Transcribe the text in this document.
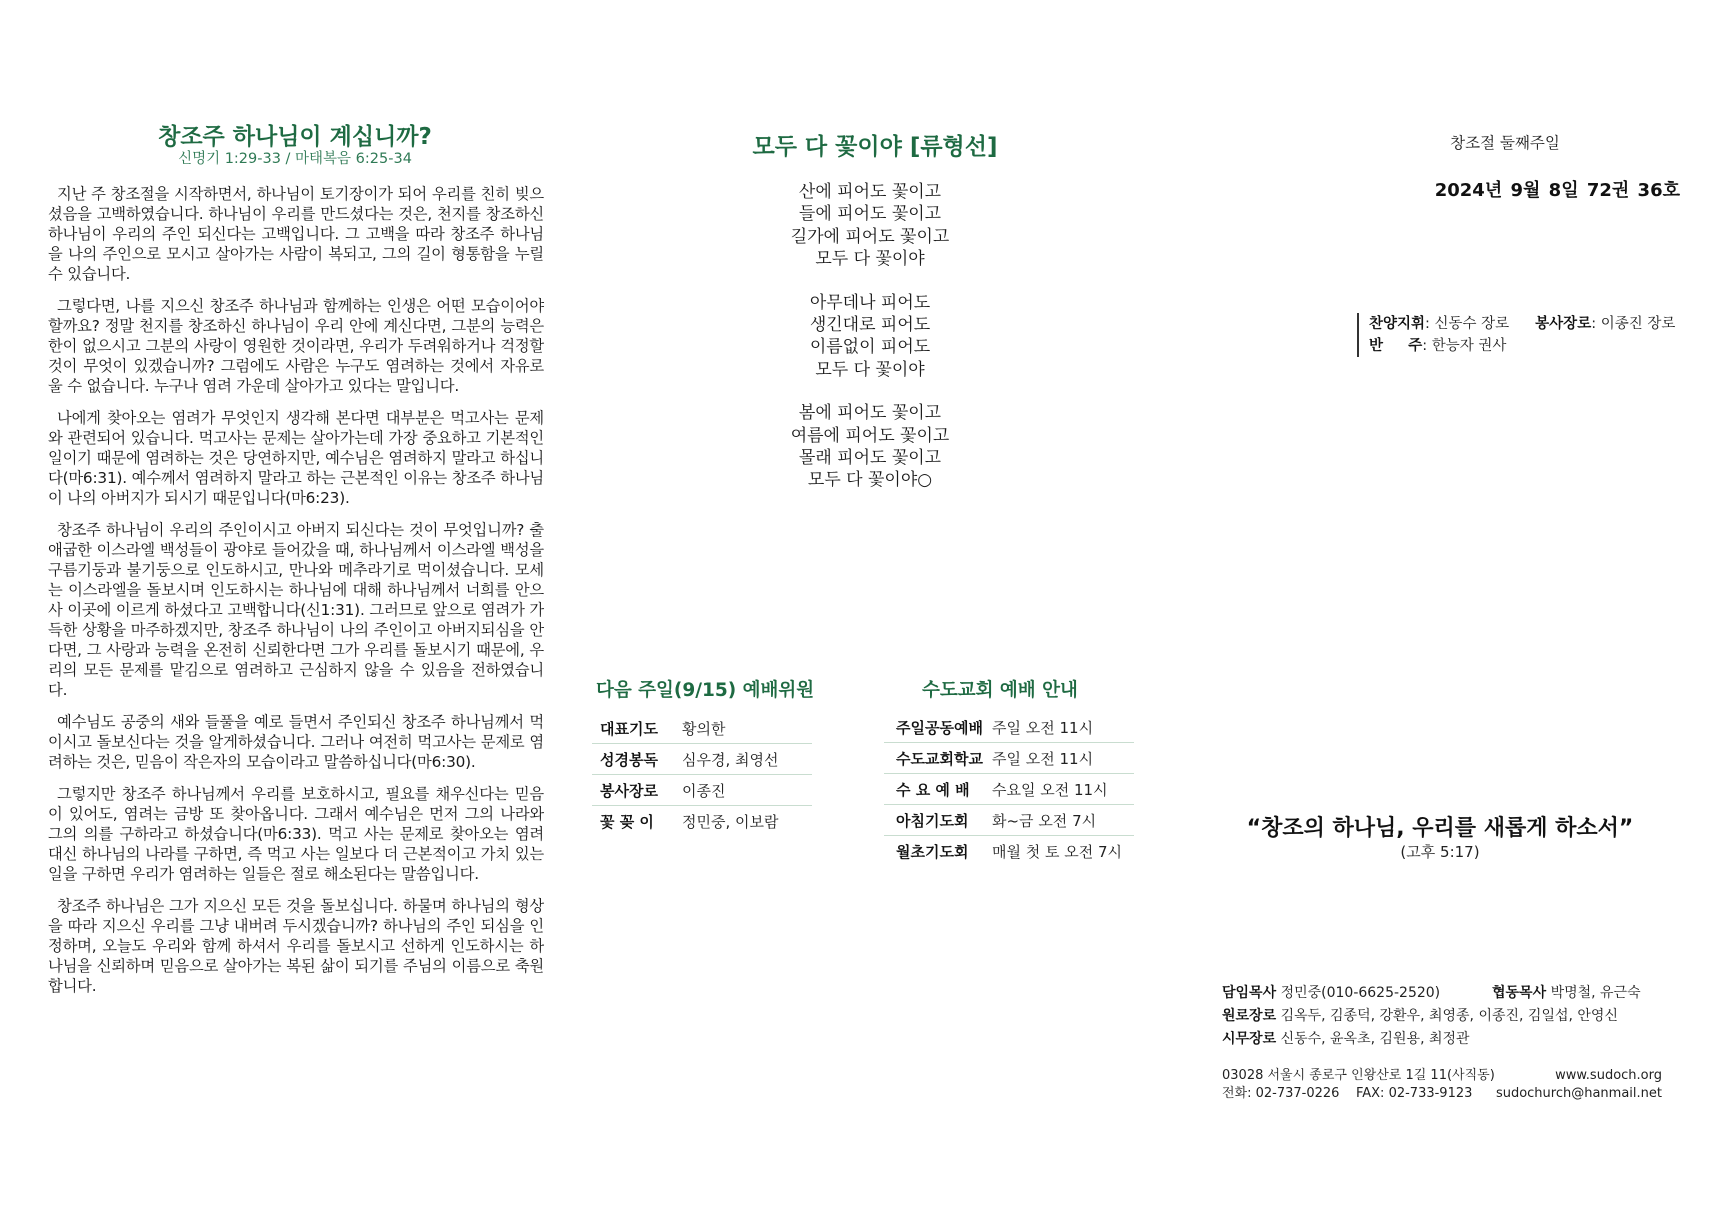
창조주 하나님이 계십니까?
신명기 1:29-33 / 마태복음 6:25-34

지난 주 창조절을 시작하면서, 하나님이 토기장이가 되어 우리를 친히 빚으셨음을 고백하였습니다. 하나님이 우리를 만드셨다는 것은, 천지를 창조하신 하나님이 우리의 주인 되신다는 고백입니다. 그 고백을 따라 창조주 하나님을 나의 주인으로 모시고 살아가는 사람이 복되고, 그의 길이 형통함을 누릴 수 있습니다.

그렇다면, 나를 지으신 창조주 하나님과 함께하는 인생은 어떤 모습이어야 할까요? 정말 천지를 창조하신 하나님이 우리 안에 계신다면, 그분의 능력은 한이 없으시고 그분의 사랑이 영원한 것이라면, 우리가 두려워하거나 걱정할 것이 무엇이 있겠습니까? 그럼에도 사람은 누구도 염려하는 것에서 자유로울 수 없습니다. 누구나 염려 가운데 살아가고 있다는 말입니다.

나에게 찾아오는 염려가 무엇인지 생각해 본다면 대부분은 먹고사는 문제와 관련되어 있습니다. 먹고사는 문제는 살아가는데 가장 중요하고 기본적인 일이기 때문에 염려하는 것은 당연하지만, 예수님은 염려하지 말라고 하십니다(마6:31). 예수께서 염려하지 말라고 하는 근본적인 이유는 창조주 하나님이 나의 아버지가 되시기 때문입니다(마6:23).

창조주 하나님이 우리의 주인이시고 아버지 되신다는 것이 무엇입니까? 출애굽한 이스라엘 백성들이 광야로 들어갔을 때, 하나님께서 이스라엘 백성을 구름기둥과 불기둥으로 인도하시고, 만나와 메추라기로 먹이셨습니다. 모세는 이스라엘을 돌보시며 인도하시는 하나님에 대해 하나님께서 너희를 안으사 이곳에 이르게 하셨다고 고백합니다(신1:31). 그러므로 앞으로 염려가 가득한 상황을 마주하겠지만, 창조주 하나님이 나의 주인이고 아버지되심을 안다면, 그 사랑과 능력을 온전히 신뢰한다면 그가 우리를 돌보시기 때문에, 우리의 모든 문제를 맡김으로 염려하고 근심하지 않을 수 있음을 전하였습니다.

예수님도 공중의 새와 들풀을 예로 들면서 주인되신 창조주 하나님께서 먹이시고 돌보신다는 것을 알게하셨습니다. 그러나 여전히 먹고사는 문제로 염려하는 것은, 믿음이 작은자의 모습이라고 말씀하십니다(마6:30).

그렇지만 창조주 하나님께서 우리를 보호하시고, 필요를 채우신다는 믿음이 있어도, 염려는 금방 또 찾아옵니다. 그래서 예수님은 먼저 그의 나라와 그의 의를 구하라고 하셨습니다(마6:33). 먹고 사는 문제로 찾아오는 염려 대신 하나님의 나라를 구하면, 즉 먹고 사는 일보다 더 근본적이고 가치 있는 일을 구하면 우리가 염려하는 일들은 절로 해소된다는 말씀입니다.

창조주 하나님은 그가 지으신 모든 것을 돌보십니다. 하물며 하나님의 형상을 따라 지으신 우리를 그냥 내버려 두시겠습니까? 하나님의 주인 되심을 인정하며, 오늘도 우리와 함께 하셔서 우리를 돌보시고 선하게 인도하시는 하나님을 신뢰하며 믿음으로 살아가는 복된 삶이 되기를 주님의 이름으로 축원합니다.

모두 다 꽃이야 [류형선]
산에 피어도 꽃이고
들에 피어도 꽃이고
길가에 피어도 꽃이고
모두 다 꽃이야
아무데나 피어도
생긴대로 피어도
이름없이 피어도
모두 다 꽃이야
봄에 피어도 꽃이고
여름에 피어도 꽃이고
몰래 피어도 꽃이고
모두 다 꽃이야○
다음 주일(9/15) 예배위원
대표기도	황의한
성경봉독	심우경, 최영선
봉사장로	이종진
꽃 꽂 이	정민중, 이보람
수도교회 예배 안내
주일공동예배	주일 오전 11시
수도교회학교	주일 오전 11시
수 요 예 배	수요일 오전 11시
아침기도회	화~금 오전 7시
월초기도회	매월 첫 토 오전 7시
창조절 둘째주일
2024년 9월 8일 72권 36호
찬양지휘: 신동수 장로 봉사장로: 이종진 장로
반     주: 한능자 권사
“창조의 하나님, 우리를 새롭게 하소서”
(고후 5:17)
담임목사 정민중(010-6625-2520)	협동목사 박명철, 유근숙
원로장로 김옥두, 김종덕, 강환우, 최영종, 이종진, 김일섭, 안영신
시무장로 신동수, 윤옥초, 김원용, 최정관
03028 서울시 종로구 인왕산로 1길 11(사직동)	www.sudoch.org
전화: 02-737-0226    FAX: 02-733-9123 sudochurch@hanmail.net
